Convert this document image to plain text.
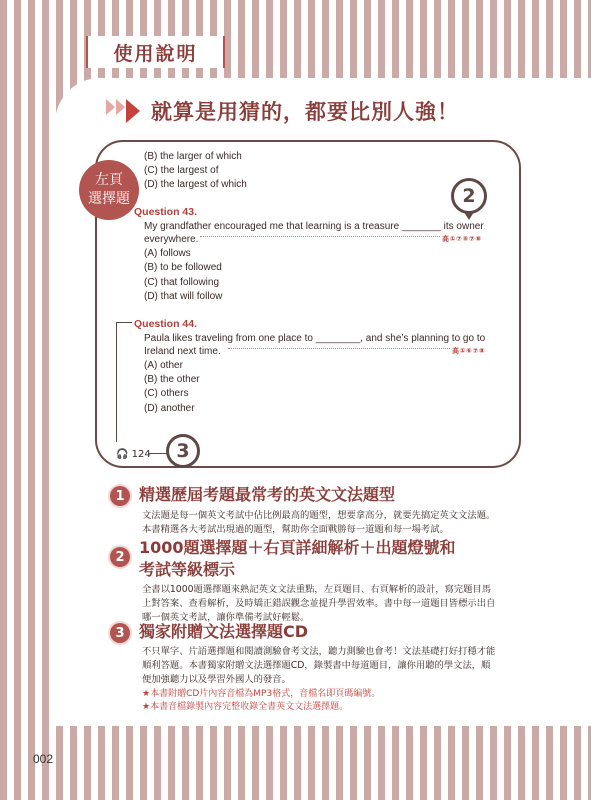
使用說明
就算是用猜的，都要比別人強！
左頁
選擇題
(B) the larger of which
(C) the largest of
(D) the largest of which
Question 43.
My grandfather encouraged me that learning is a treasure _______ its owner
everywhere.	高①⑦⑤⑦⑧
(A) follows
(B) to be followed
(C) that following
(D) that will follow
Question 44.
Paula likes traveling from one place to ________, and she’s planning to go to
Ireland next time.	高①⑥⑦⑧
(A) other
(B) the other
(C) others
(D) another
2
🎧 124	3
1 精選歷屆考題最常考的英文文法題型
文法題是每一個英文考試中佔比例最高的題型，想要拿高分，就要先搞定英文文法題。
本書精選各大考試出現過的題型，幫助你全面戰勝每一道題和每一場考試。
2 1000題選擇題＋右頁詳細解析＋出題燈號和
考試等級標示
全書以1000題選擇題來熟記英文文法重點，左頁題目、右頁解析的設計，寫完題目馬
上對答案、查看解析，及時矯正錯誤觀念並提升學習效率。書中每一道題目皆標示出自
哪一個英文考試，讓你準備考試好輕鬆。
3 獨家附贈文法選擇題CD
不只單字、片語選擇題和閱讀測驗會考文法，聽力測驗也會考！文法基礎打好打穩才能
順利答題。本書獨家附贈文法選擇題CD，錄製書中每道題目，讓你用聽的學文法，順
便加強聽力以及學習外國人的發音。
★本書附贈CD片內容音檔為MP3格式，音檔名即頁碼編號。
★本書音檔錄製內容完整收錄全書英文文法選擇題。
002
